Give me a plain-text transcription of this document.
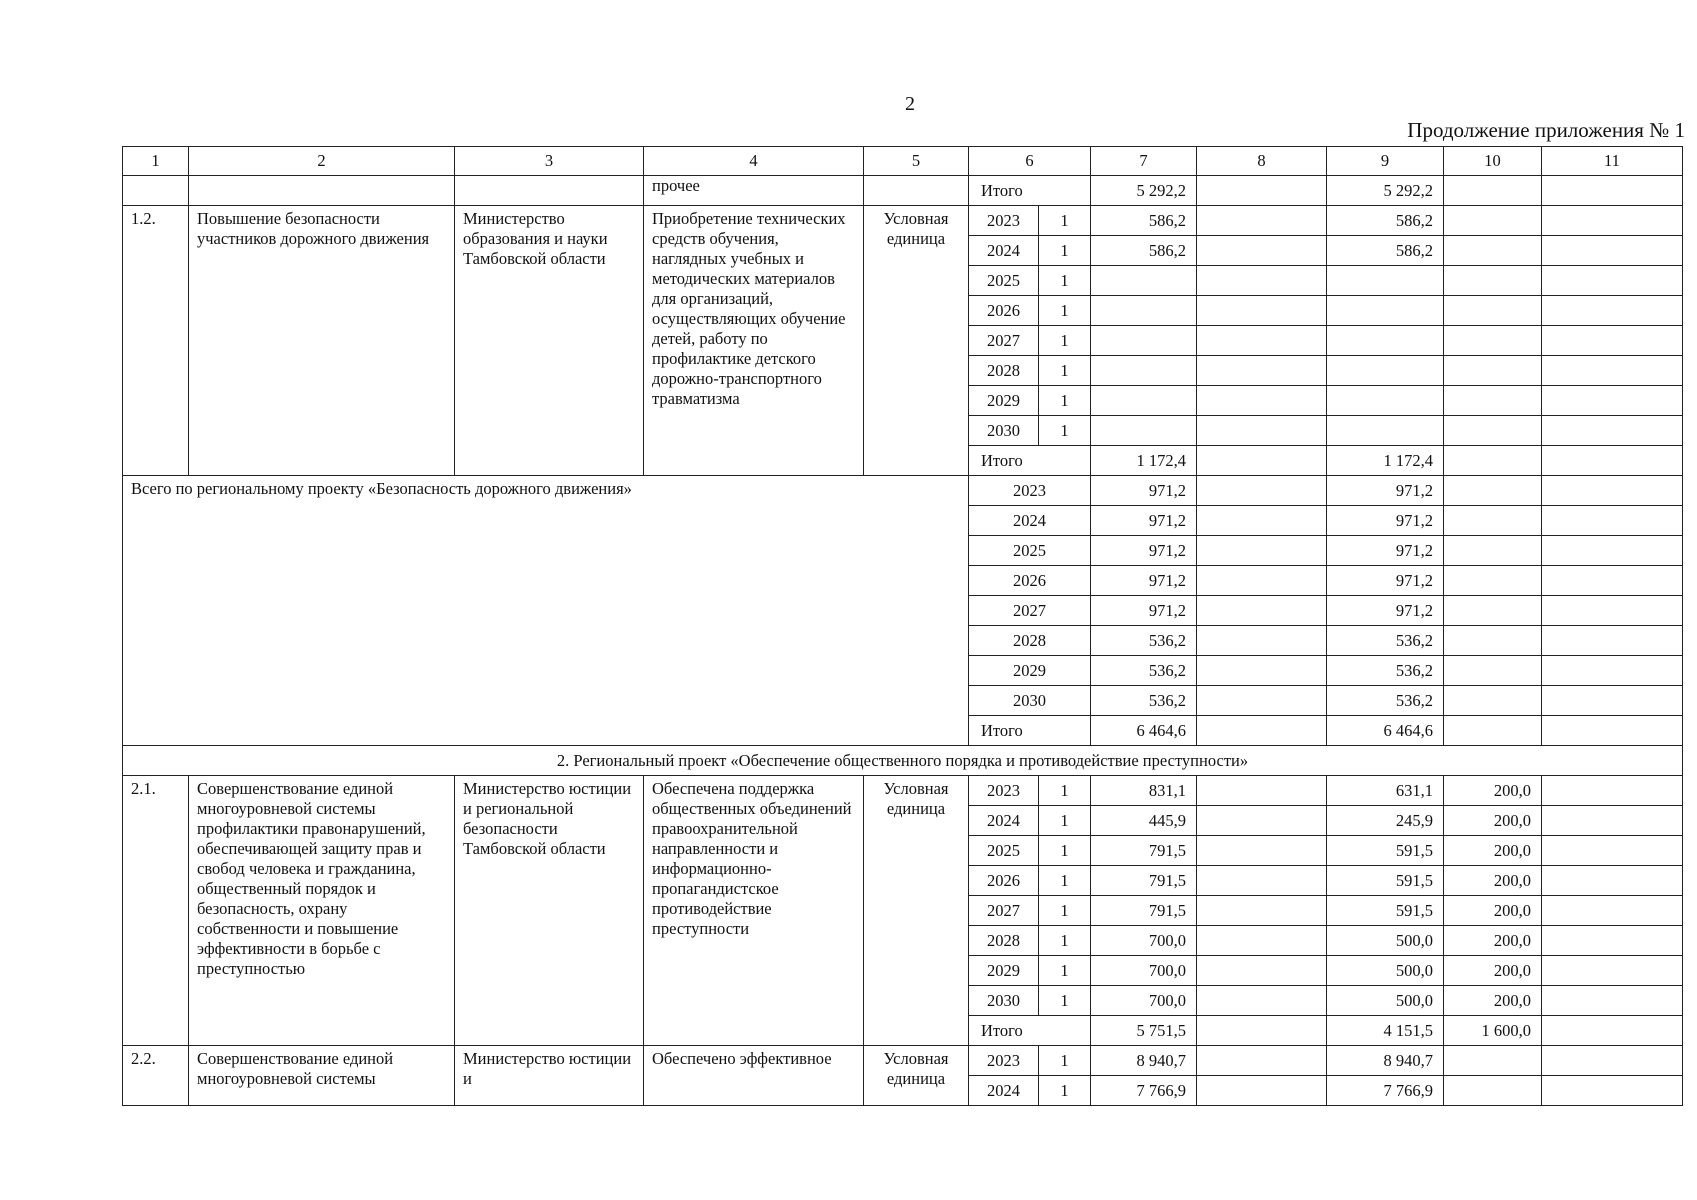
2
Продолжение приложения № 1
1	2	3	4	5	6		7	8	9	10	11
			прочее		Итого		5 292,2		5 292,2		
1.2.	Повышение безопасности участников дорожного движения	Министерство образования и науки Тамбовской области	Приобретение технических средств обучения, наглядных учебных и методических материалов для организаций, осуществляющих обучение детей, работу по профилактике детского дорожно-транспортного травматизма	Условная единица	2023	1	586,2		586,2		
					2024	1	586,2		586,2		
					2025	1					
					2026	1					
					2027	1					
					2028	1					
					2029	1					
					2030	1					
					Итого		1 172,4		1 172,4		
Всего по региональному проекту «Безопасность дорожного движения»					2023		971,2		971,2		
					2024		971,2		971,2		
					2025		971,2		971,2		
					2026		971,2		971,2		
					2027		971,2		971,2		
					2028		536,2		536,2		
					2029		536,2		536,2		
					2030		536,2		536,2		
					Итого		6 464,6		6 464,6		
2. Региональный проект «Обеспечение общественного порядка и противодействие преступности»											
2.1.	Совершенствование единой многоуровневой системы профилактики правонарушений, обеспечивающей защиту прав и свобод человека и гражданина, общественный порядок и безопасность, охрану собственности и повышение эффективности в борьбе с преступностью	Министерство юстиции и региональной безопасности Тамбовской области	Обеспечена поддержка общественных объединений правоохранительной направленности и информационно-пропагандистское противодействие преступности	Условная единица	2023	1	831,1		631,1	200,0	
					2024	1	445,9		245,9	200,0	
					2025	1	791,5		591,5	200,0	
					2026	1	791,5		591,5	200,0	
					2027	1	791,5		591,5	200,0	
					2028	1	700,0		500,0	200,0	
					2029	1	700,0		500,0	200,0	
					2030	1	700,0		500,0	200,0	
					Итого		5 751,5		4 151,5	1 600,0	
2.2.	Совершенствование единой многоуровневой системы	Министерство юстиции и	Обеспечено эффективное	Условная единица	2023	1	8 940,7		8 940,7		
					2024	1	7 766,9		7 766,9		
